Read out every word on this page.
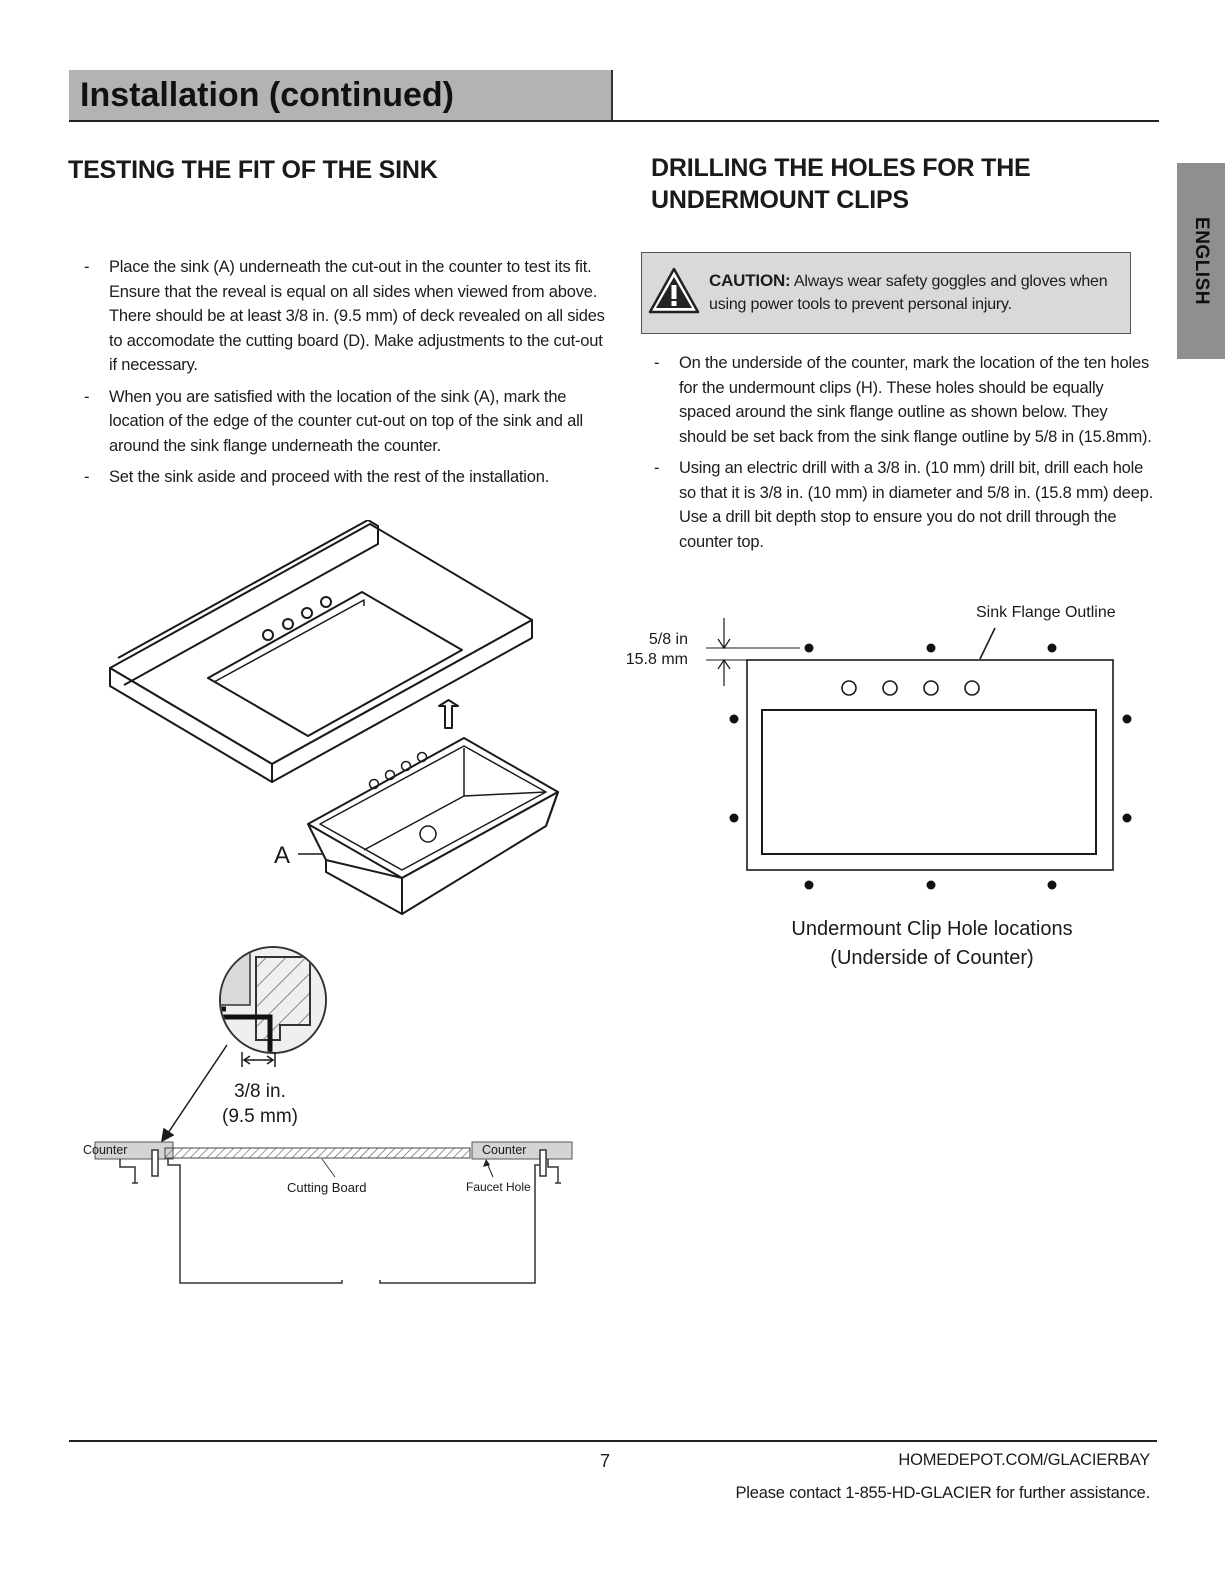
Installation (continued)
ENGLISH
TESTING THE FIT OF THE SINK
- Place the sink (A) underneath the cut-out in the counter to test its fit. Ensure that the reveal is equal on all sides when viewed from above. There should be at least 3/8 in. (9.5 mm) of deck revealed on all sides to accomodate the cutting board (D). Make adjustments to the cut-out if necessary.
- When you are satisfied with the location of the sink (A), mark the location of the edge of the counter cut-out on top of the sink and all around the sink flange underneath the counter.
- Set the sink aside and proceed with the rest of the installation.
A
3/8 in.
(9.5 mm)
Counter	Counter
Cutting Board	Faucet Hole
DRILLING THE HOLES FOR THE
UNDERMOUNT CLIPS
CAUTION: Always wear safety goggles and gloves when using power tools to prevent personal injury.
- On the underside of the counter, mark the location of the ten holes for the undermount clips (H). These holes should be equally spaced around the sink flange outline as shown below. They should be set back from the sink flange outline by 5/8 in (15.8mm).
- Using an electric drill with a 3/8 in. (10 mm) drill bit, drill each hole so that it is 3/8 in. (10 mm) in diameter and 5/8 in. (15.8 mm) deep. Use a drill bit depth stop to ensure you do not drill through the counter top.
Sink Flange Outline
5/8 in
15.8 mm
Undermount Clip Hole locations
(Underside of Counter)
7	HOMEDEPOT.COM/GLACIERBAY
Please contact 1-855-HD-GLACIER for further assistance.
